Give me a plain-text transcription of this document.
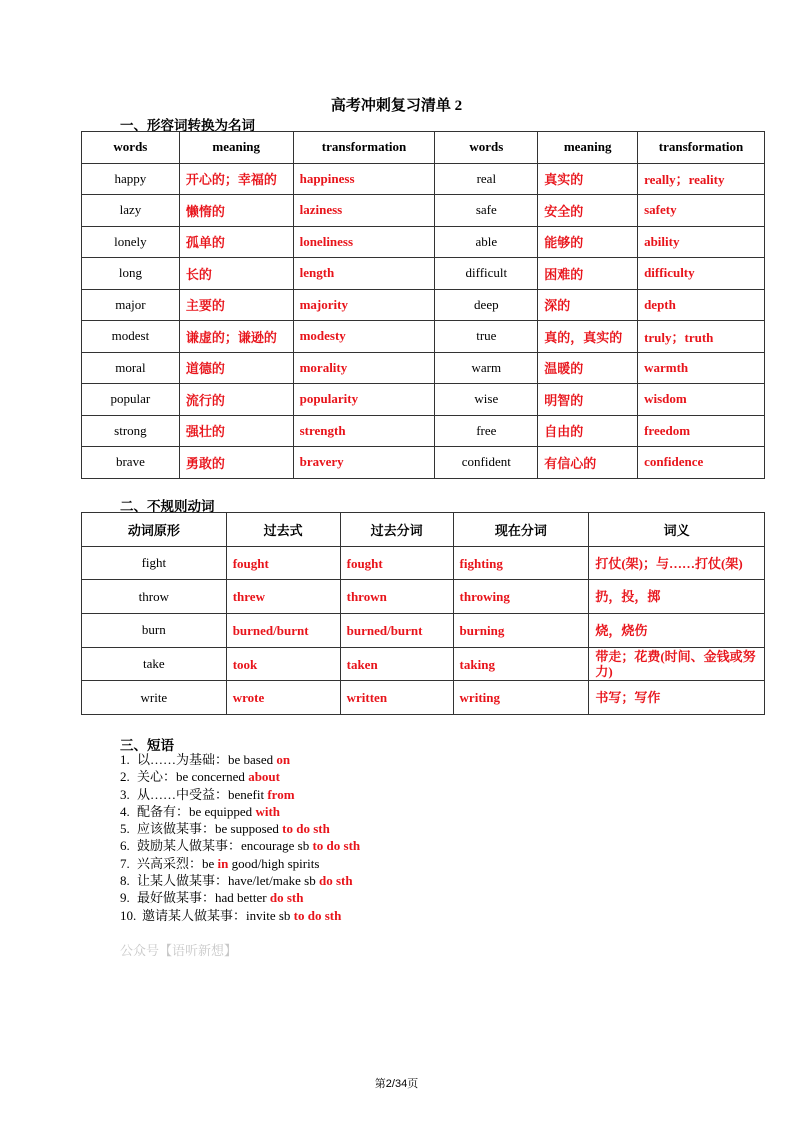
高考冲刺复习清单 2
一、形容词转换为名词
words	meaning	transformation	words	meaning	transformation
happy	开心的；幸福的	happiness	real	真实的	really；reality
lazy	懒惰的	laziness	safe	安全的	safety
lonely	孤单的	loneliness	able	能够的	ability
long	长的	length	difficult	困难的	difficulty
major	主要的	majority	deep	深的	depth
modest	谦虚的；谦逊的	modesty	true	真的，真实的	truly；truth
moral	道德的	morality	warm	温暖的	warmth
popular	流行的	popularity	wise	明智的	wisdom
strong	强壮的	strength	free	自由的	freedom
brave	勇敢的	bravery	confident	有信心的	confidence
二、不规则动词
动词原形	过去式	过去分词	现在分词	词义
fight	fought	fought	fighting	打仗(架)；与……打仗(架)
throw	threw	thrown	throwing	扔，投，掷
burn	burned/burnt	burned/burnt	burning	烧，烧伤
take	took	taken	taking	带走；花费(时间、金钱或努力)
write	wrote	written	writing	书写；写作
三、短语
1. 以……为基础：be based on
2. 关心：be concerned about
3. 从……中受益：benefit from
4. 配备有：be equipped with
5. 应该做某事：be supposed to do sth
6. 鼓励某人做某事：encourage sb to do sth
7. 兴高采烈：be in good/high spirits
8. 让某人做某事：have/let/make sb do sth
9. 最好做某事：had better do sth
10. 邀请某人做某事：invite sb to do sth
公众号【语听新想】
第2/34页
